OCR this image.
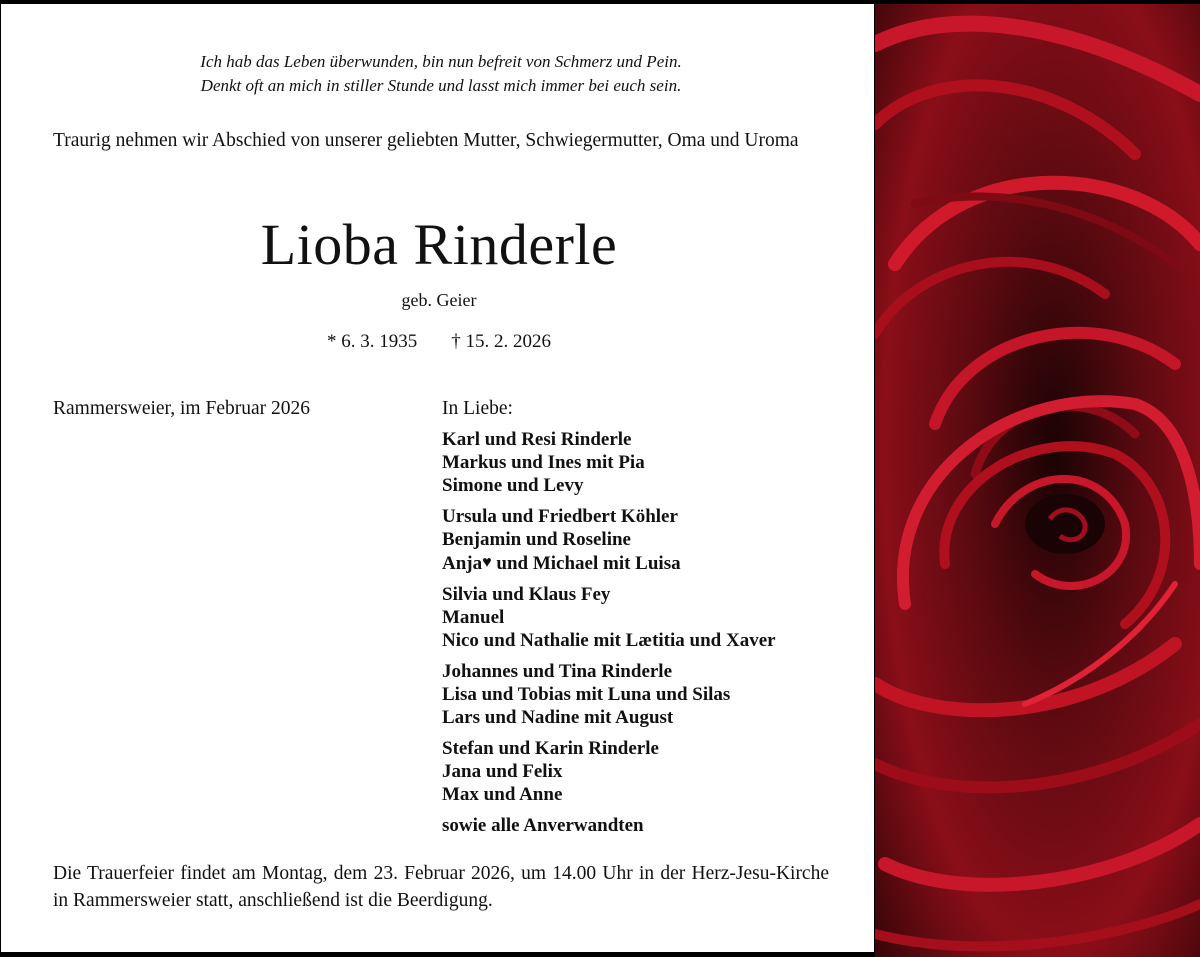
Ich hab das Leben überwunden, bin nun befreit von Schmerz und Pein.
Denkt oft an mich in stiller Stunde und lasst mich immer bei euch sein.
Traurig nehmen wir Abschied von unserer geliebten Mutter, Schwiegermutter, Oma und Uroma
Lioba Rinderle
geb. Geier
* 6. 3. 1935 † 15. 2. 2026
Rammersweier, im Februar 2026	In Liebe:
Karl und Resi Rinderle
Markus und Ines mit Pia
Simone und Levy
Ursula und Friedbert Köhler
Benjamin und Roseline
Anja♥ und Michael mit Luisa
Silvia und Klaus Fey
Manuel
Nico und Nathalie mit Lætitia und Xaver
Johannes und Tina Rinderle
Lisa und Tobias mit Luna und Silas
Lars und Nadine mit August
Stefan und Karin Rinderle
Jana und Felix
Max und Anne
sowie alle Anverwandten
Die Trauerfeier findet am Montag, dem 23. Februar 2026, um 14.00 Uhr in der Herz-Jesu-Kirche in Rammersweier statt, anschließend ist die Beerdigung.
